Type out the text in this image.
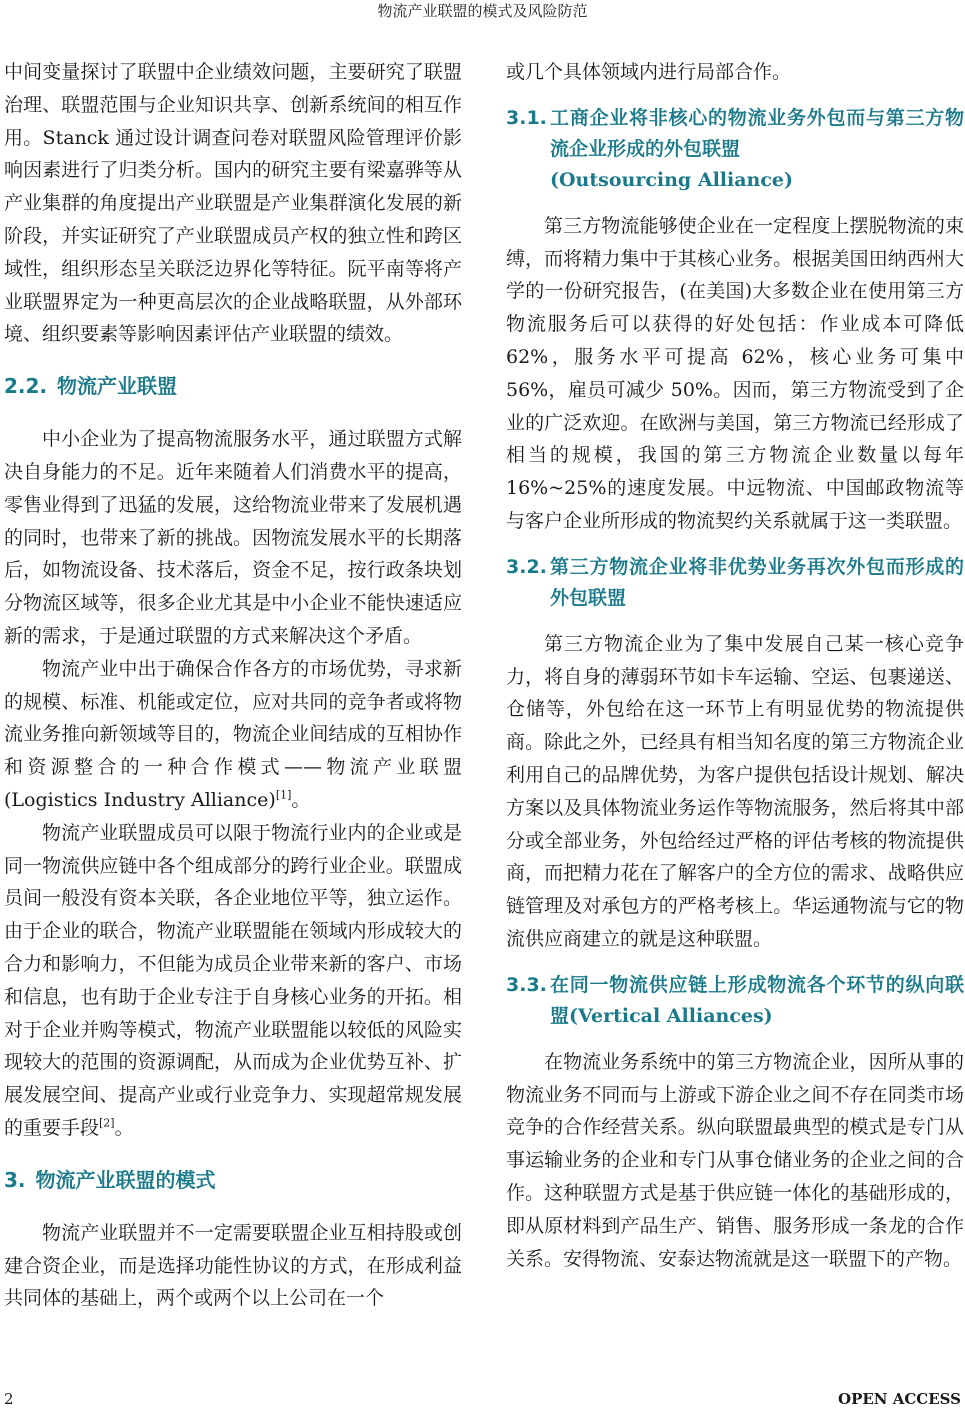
物流产业联盟的模式及风险防范

中间变量探讨了联盟中企业绩效问题，主要研究了联盟治理、联盟范围与企业知识共享、创新系统间的相互作用。Stanck 通过设计调查问卷对联盟风险管理评价影响因素进行了归类分析。国内的研究主要有梁嘉骅等从产业集群的角度提出产业联盟是产业集群演化发展的新阶段，并实证研究了产业联盟成员产权的独立性和跨区域性，组织形态呈关联泛边界化等特征。阮平南等将产业联盟界定为一种更高层次的企业战略联盟，从外部环境、组织要素等影响因素评估产业联盟的绩效。

2.2. 物流产业联盟

中小企业为了提高物流服务水平，通过联盟方式解决自身能力的不足。近年来随着人们消费水平的提高，零售业得到了迅猛的发展，这给物流业带来了发展机遇的同时，也带来了新的挑战。因物流发展水平的长期落后，如物流设备、技术落后，资金不足，按行政条块划分物流区域等，很多企业尤其是中小企业不能快速适应新的需求，于是通过联盟的方式来解决这个矛盾。

物流产业中出于确保合作各方的市场优势，寻求新的规模、标准、机能或定位，应对共同的竞争者或将物流业务推向新领域等目的，物流企业间结成的互相协作和资源整合的一种合作模式——物流产业联盟(Logistics Industry Alliance)[1]。

物流产业联盟成员可以限于物流行业内的企业或是同一物流供应链中各个组成部分的跨行业企业。联盟成员间一般没有资本关联，各企业地位平等，独立运作。由于企业的联合，物流产业联盟能在领域内形成较大的合力和影响力，不但能为成员企业带来新的客户、市场和信息，也有助于企业专注于自身核心业务的开拓。相对于企业并购等模式，物流产业联盟能以较低的风险实现较大的范围的资源调配，从而成为企业优势互补、扩展发展空间、提高产业或行业竞争力、实现超常规发展的重要手段[2]。

3. 物流产业联盟的模式

物流产业联盟并不一定需要联盟企业互相持股或创建合资企业，而是选择功能性协议的方式，在形成利益共同体的基础上，两个或两个以上公司在一个

或几个具体领域内进行局部合作。

3.1. 工商企业将非核心的物流业务外包而与第三方物流企业形成的外包联盟
(Outsourcing Alliance)

第三方物流能够使企业在一定程度上摆脱物流的束缚，而将精力集中于其核心业务。根据美国田纳西州大学的一份研究报告，(在美国)大多数企业在使用第三方物流服务后可以获得的好处包括：作业成本可降低 62%，服务水平可提高 62%，核心业务可集中 56%，雇员可减少 50%。因而，第三方物流受到了企业的广泛欢迎。在欧洲与美国，第三方物流已经形成了相当的规模，我国的第三方物流企业数量以每年 16%~25%的速度发展。中远物流、中国邮政物流等与客户企业所形成的物流契约关系就属于这一类联盟。

3.2. 第三方物流企业将非优势业务再次外包而形成的外包联盟

第三方物流企业为了集中发展自己某一核心竞争力，将自身的薄弱环节如卡车运输、空运、包裹递送、仓储等，外包给在这一环节上有明显优势的物流提供商。除此之外，已经具有相当知名度的第三方物流企业利用自己的品牌优势，为客户提供包括设计规划、解决方案以及具体物流业务运作等物流服务，然后将其中部分或全部业务，外包给经过严格的评估考核的物流提供商，而把精力花在了解客户的全方位的需求、战略供应链管理及对承包方的严格考核上。华运通物流与它的物流供应商建立的就是这种联盟。

3.3. 在同一物流供应链上形成物流各个环节的纵向联盟(Vertical Alliances)

在物流业务系统中的第三方物流企业，因所从事的物流业务不同而与上游或下游企业之间不存在同类市场竞争的合作经营关系。纵向联盟最典型的模式是专门从事运输业务的企业和专门从事仓储业务的企业之间的合作。这种联盟方式是基于供应链一体化的基础形成的，即从原材料到产品生产、销售、服务形成一条龙的合作关系。安得物流、安泰达物流就是这一联盟下的产物。

2	OPEN ACCESS
